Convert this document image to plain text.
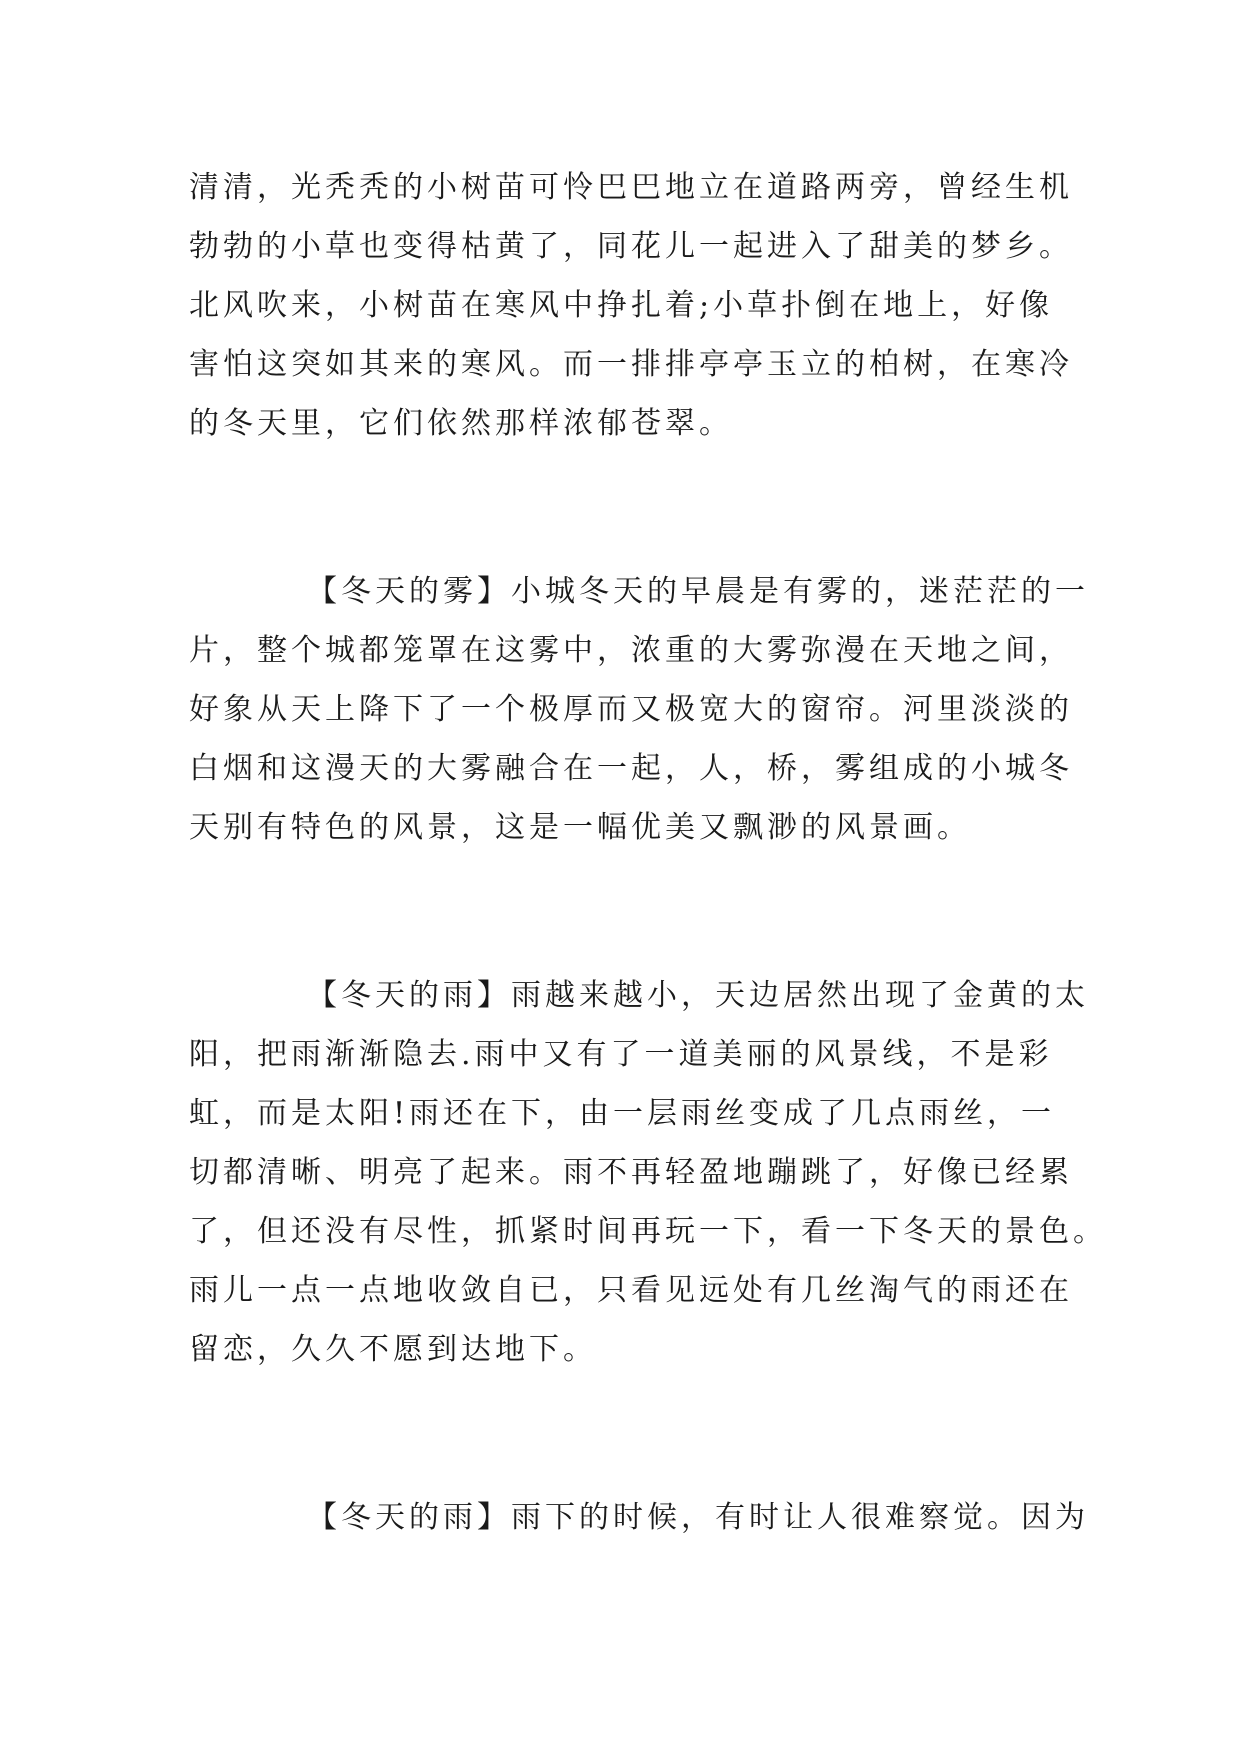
清清，光秃秃的小树苗可怜巴巴地立在道路两旁，曾经生机
勃勃的小草也变得枯黄了，同花儿一起进入了甜美的梦乡。
北风吹来，小树苗在寒风中挣扎着;小草扑倒在地上，好像
害怕这突如其来的寒风。而一排排亭亭玉立的柏树，在寒冷
的冬天里，它们依然那样浓郁苍翠。

【冬天的雾】小城冬天的早晨是有雾的，迷茫茫的一
片，整个城都笼罩在这雾中，浓重的大雾弥漫在天地之间，
好象从天上降下了一个极厚而又极宽大的窗帘。河里淡淡的
白烟和这漫天的大雾融合在一起，人，桥，雾组成的小城冬
天别有特色的风景，这是一幅优美又飘渺的风景画。

【冬天的雨】雨越来越小，天边居然出现了金黄的太
阳，把雨渐渐隐去.雨中又有了一道美丽的风景线，不是彩
虹，而是太阳!雨还在下，由一层雨丝变成了几点雨丝，一
切都清晰、明亮了起来。雨不再轻盈地蹦跳了，好像已经累
了，但还没有尽性，抓紧时间再玩一下，看一下冬天的景色。
雨儿一点一点地收敛自已，只看见远处有几丝淘气的雨还在
留恋，久久不愿到达地下。

【冬天的雨】雨下的时候，有时让人很难察觉。因为
